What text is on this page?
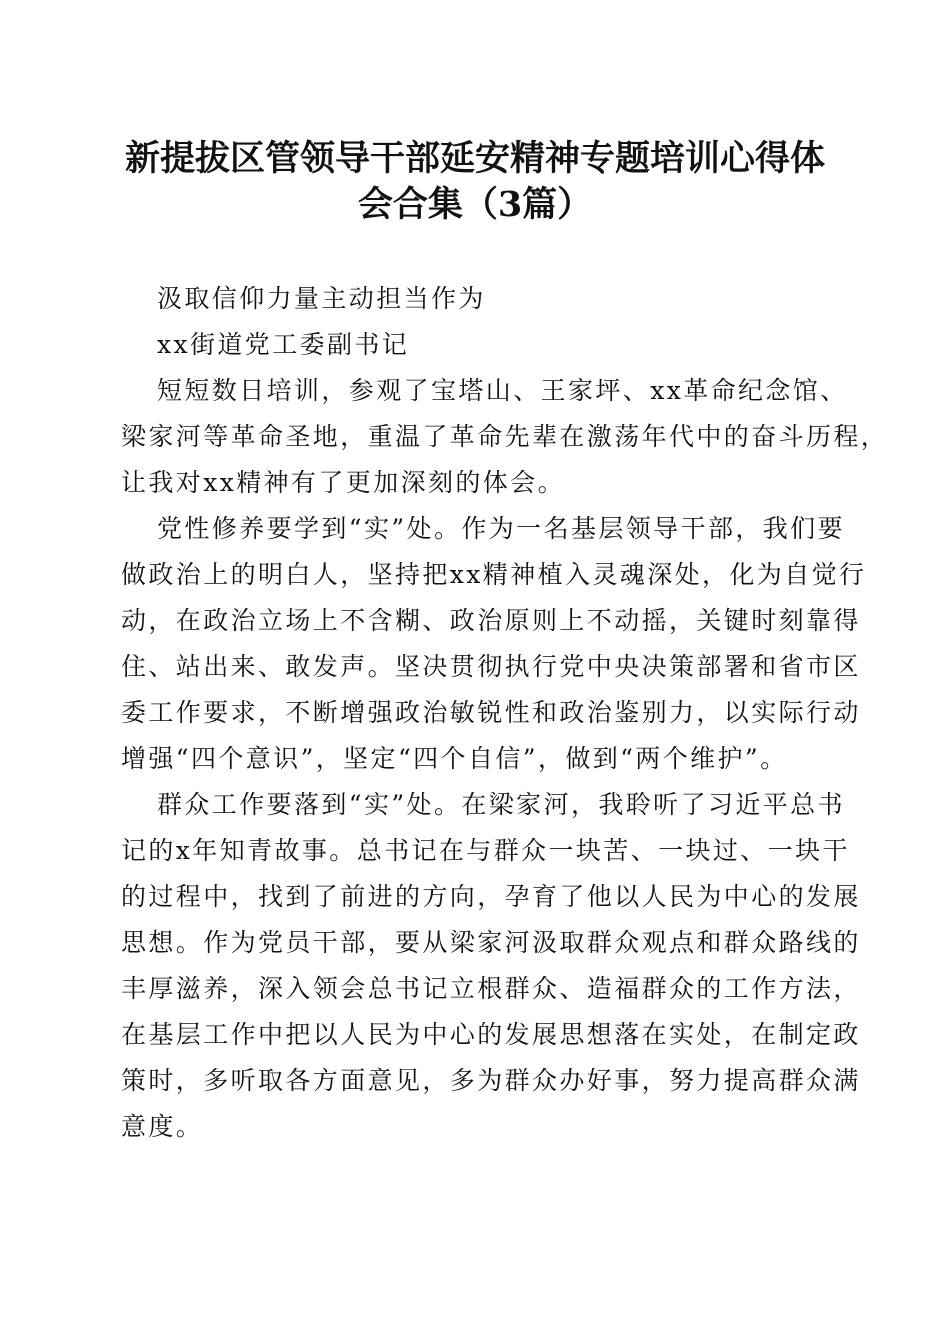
新提拔区管领导干部延安精神专题培训心得体
会合集（3篇）
汲取信仰力量主动担当作为
xx街道党工委副书记
短短数日培训，参观了宝塔山、王家坪、xx革命纪念馆、
梁家河等革命圣地，重温了革命先辈在激荡年代中的奋斗历程，
让我对xx精神有了更加深刻的体会。
党性修养要学到“实”处。作为一名基层领导干部，我们要
做政治上的明白人，坚持把xx精神植入灵魂深处，化为自觉行
动，在政治立场上不含糊、政治原则上不动摇，关键时刻靠得
住、站出来、敢发声。坚决贯彻执行党中央决策部署和省市区
委工作要求，不断增强政治敏锐性和政治鉴别力，以实际行动
增强“四个意识”，坚定“四个自信”，做到“两个维护”。
群众工作要落到“实”处。在梁家河，我聆听了习近平总书
记的x年知青故事。总书记在与群众一块苦、一块过、一块干
的过程中，找到了前进的方向，孕育了他以人民为中心的发展
思想。作为党员干部，要从梁家河汲取群众观点和群众路线的
丰厚滋养，深入领会总书记立根群众、造福群众的工作方法，
在基层工作中把以人民为中心的发展思想落在实处，在制定政
策时，多听取各方面意见，多为群众办好事，努力提高群众满
意度。
